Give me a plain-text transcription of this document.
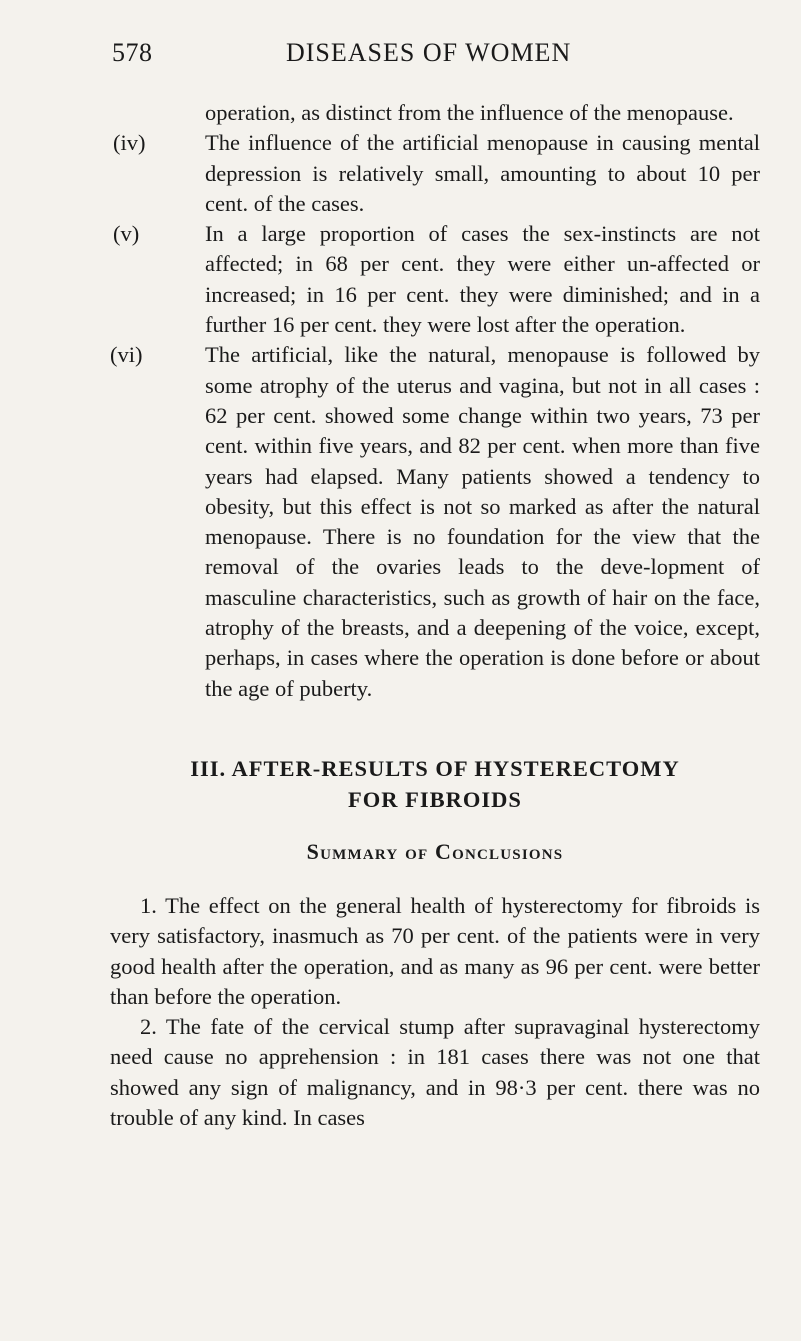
578	DISEASES OF WOMEN

operation, as distinct from the influence of the menopause.

(iv)	The influence of the artificial menopause in causing mental depression is relatively small, amounting to about 10 per cent. of the cases.

(v)	In a large proportion of cases the sex-instincts are not affected; in 68 per cent. they were either un-affected or increased; in 16 per cent. they were diminished; and in a further 16 per cent. they were lost after the operation.

(vi)	The artificial, like the natural, menopause is followed by some atrophy of the uterus and vagina, but not in all cases : 62 per cent. showed some change within two years, 73 per cent. within five years, and 82 per cent. when more than five years had elapsed. Many patients showed a tendency to obesity, but this effect is not so marked as after the natural menopause. There is no foundation for the view that the removal of the ovaries leads to the deve-lopment of masculine characteristics, such as growth of hair on the face, atrophy of the breasts, and a deepening of the voice, except, perhaps, in cases where the operation is done before or about the age of puberty.

III. AFTER-RESULTS OF HYSTERECTOMY
FOR FIBROIDS
Summary of Conclusions

1. The effect on the general health of hysterectomy for fibroids is very satisfactory, inasmuch as 70 per cent. of the patients were in very good health after the operation, and as many as 96 per cent. were better than before the operation.

2. The fate of the cervical stump after supravaginal hysterectomy need cause no apprehension : in 181 cases there was not one that showed any sign of malignancy, and in 98·3 per cent. there was no trouble of any kind. In cases
